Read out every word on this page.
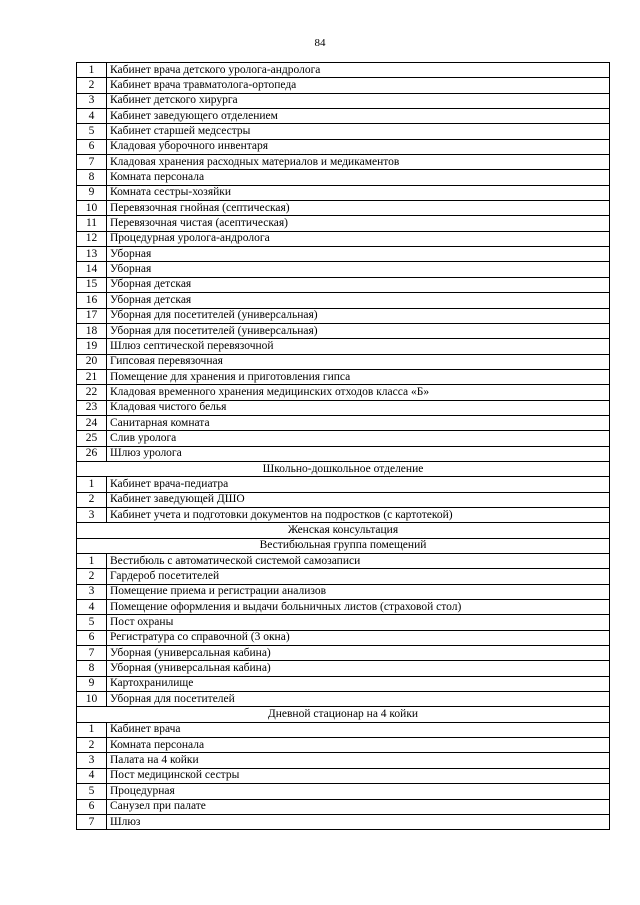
84
1	Кабинет врача детского уролога-андролога
2	Кабинет врача травматолога-ортопеда
3	Кабинет детского хирурга
4	Кабинет заведующего отделением
5	Кабинет старшей медсестры
6	Кладовая уборочного инвентаря
7	Кладовая хранения расходных материалов и медикаментов
8	Комната персонала
9	Комната сестры-хозяйки
10	Перевязочная гнойная (септическая)
11	Перевязочная чистая (асептическая)
12	Процедурная уролога-андролога
13	Уборная
14	Уборная
15	Уборная детская
16	Уборная детская
17	Уборная для посетителей (универсальная)
18	Уборная для посетителей (универсальная)
19	Шлюз септической перевязочной
20	Гипсовая перевязочная
21	Помещение для хранения и приготовления гипса
22	Кладовая временного хранения медицинских отходов класса «Б»
23	Кладовая чистого белья
24	Санитарная комната
25	Слив уролога
26	Шлюз уролога
Школьно-дошкольное отделение	
1	Кабинет врача-педиатра
2	Кабинет заведующей ДШО
3	Кабинет учета и подготовки документов на подростков (с картотекой)
Женская консультация	
Вестибюльная группа помещений	
1	Вестибюль с автоматической системой самозаписи
2	Гардероб посетителей
3	Помещение приема и регистрации анализов
4	Помещение оформления и выдачи больничных листов (страховой стол)
5	Пост охраны
6	Регистратура со справочной (3 окна)
7	Уборная (универсальная кабина)
8	Уборная (универсальная кабина)
9	Картохранилище
10	Уборная для посетителей
Дневной стационар на 4 койки	
1	Кабинет врача
2	Комната персонала
3	Палата на 4 койки
4	Пост медицинской сестры
5	Процедурная
6	Санузел при палате
7	Шлюз
